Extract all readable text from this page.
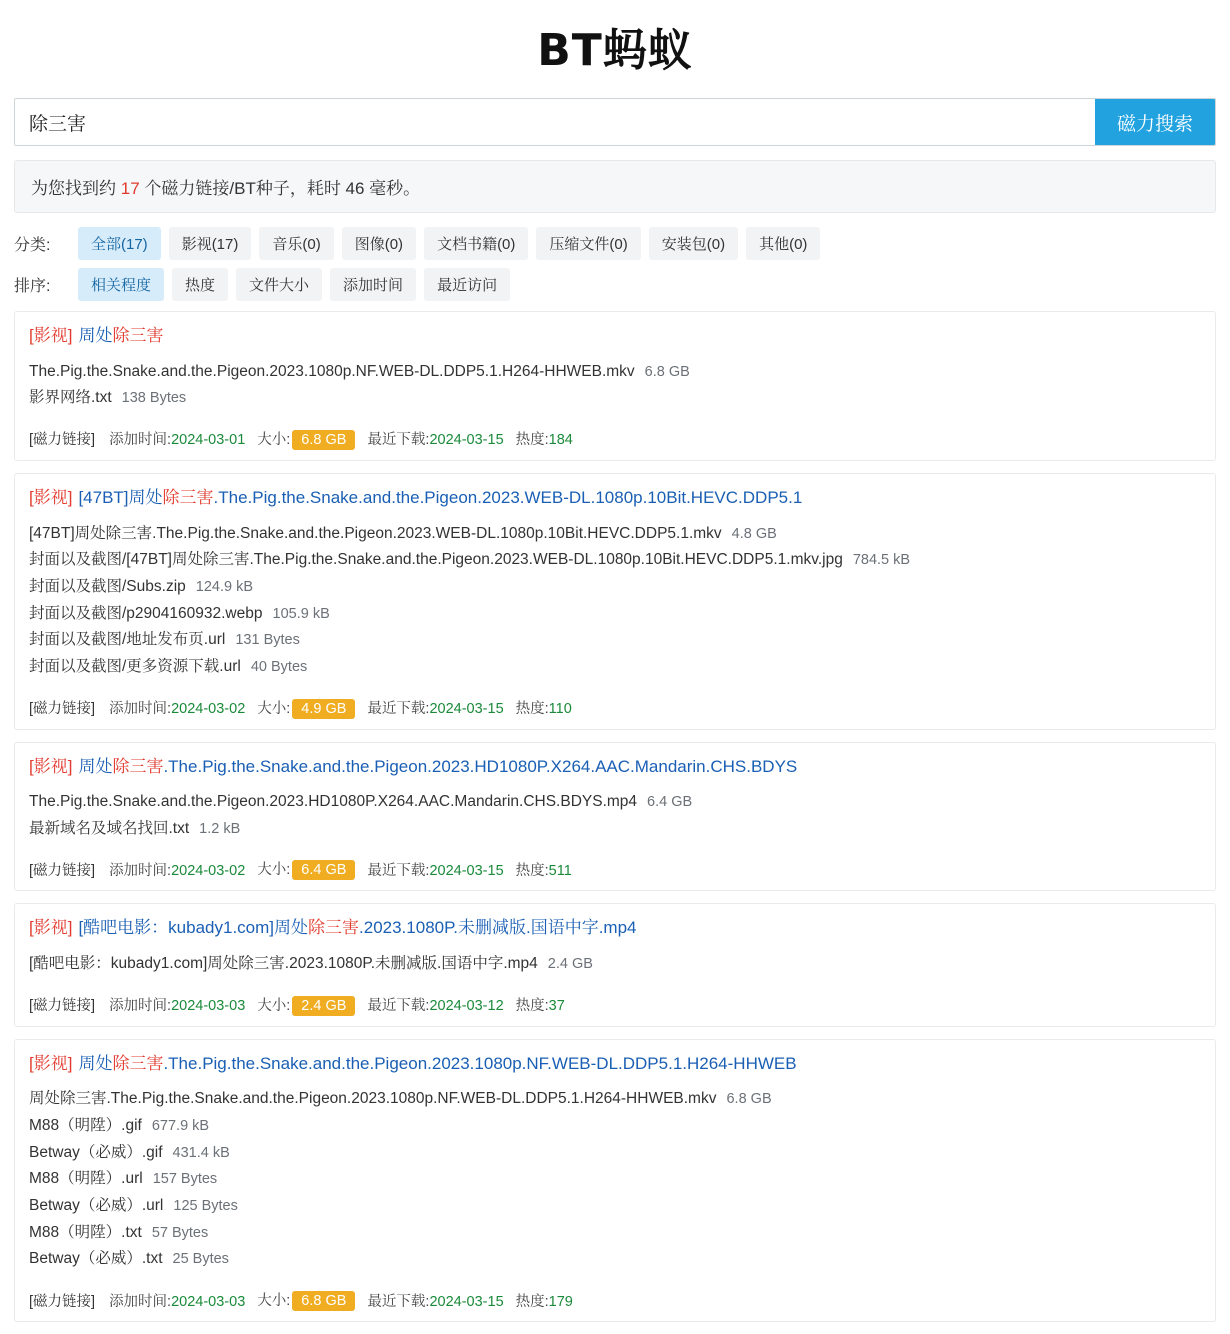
BT蚂蚁
除三害
磁力搜索
为您找到约 17 个磁力链接/BT种子，耗时 46 毫秒。
分类:	全部(17)	影视(17)	音乐(0)	图像(0)	文档书籍(0)	压缩文件(0)	安装包(0)	其他(0)
排序:	相关程度	热度	文件大小	添加时间	最近访问
[影视] 周处除三害
The.Pig.the.Snake.and.the.Pigeon.2023.1080p.NF.WEB-DL.DDP5.1.H264-HHWEB.mkv 6.8 GB
影界网络.txt 138 Bytes
[磁力链接] 添加时间:2024-03-01 大小: 6.8 GB	最近下载:2024-03-15 热度:184
[影视] [47BT]周处除三害.The.Pig.the.Snake.and.the.Pigeon.2023.WEB-DL.1080p.10Bit.HEVC.DDP5.1
[47BT]周处除三害.The.Pig.the.Snake.and.the.Pigeon.2023.WEB-DL.1080p.10Bit.HEVC.DDP5.1.mkv 4.8 GB
封面以及截图/[47BT]周处除三害.The.Pig.the.Snake.and.the.Pigeon.2023.WEB-DL.1080p.10Bit.HEVC.DDP5.1.mkv.jpg 784.5 kB
封面以及截图/Subs.zip 124.9 kB
封面以及截图/p2904160932.webp 105.9 kB
封面以及截图/地址发布页.url 131 Bytes
封面以及截图/更多资源下载.url 40 Bytes
[磁力链接] 添加时间:2024-03-02 大小: 4.9 GB	最近下载:2024-03-15 热度:110
[影视] 周处除三害.The.Pig.the.Snake.and.the.Pigeon.2023.HD1080P.X264.AAC.Mandarin.CHS.BDYS
The.Pig.the.Snake.and.the.Pigeon.2023.HD1080P.X264.AAC.Mandarin.CHS.BDYS.mp4 6.4 GB
最新域名及域名找回.txt 1.2 kB
[磁力链接] 添加时间:2024-03-02 大小: 6.4 GB	最近下载:2024-03-15 热度:511
[影视] [酷吧电影：kubady1.com]周处除三害.2023.1080P.未删减版.国语中字.mp4
[酷吧电影：kubady1.com]周处除三害.2023.1080P.未删减版.国语中字.mp4 2.4 GB
[磁力链接] 添加时间:2024-03-03 大小: 2.4 GB	最近下载:2024-03-12 热度:37
[影视] 周处除三害.The.Pig.the.Snake.and.the.Pigeon.2023.1080p.NF.WEB-DL.DDP5.1.H264-HHWEB
周处除三害.The.Pig.the.Snake.and.the.Pigeon.2023.1080p.NF.WEB-DL.DDP5.1.H264-HHWEB.mkv 6.8 GB
M88（明陞）.gif 677.9 kB
Betway（必威）.gif 431.4 kB
M88（明陞）.url 157 Bytes
Betway（必威）.url 125 Bytes
M88（明陞）.txt 57 Bytes
Betway（必威）.txt 25 Bytes
[磁力链接] 添加时间:2024-03-03 大小: 6.8 GB	最近下载:2024-03-15 热度:179
